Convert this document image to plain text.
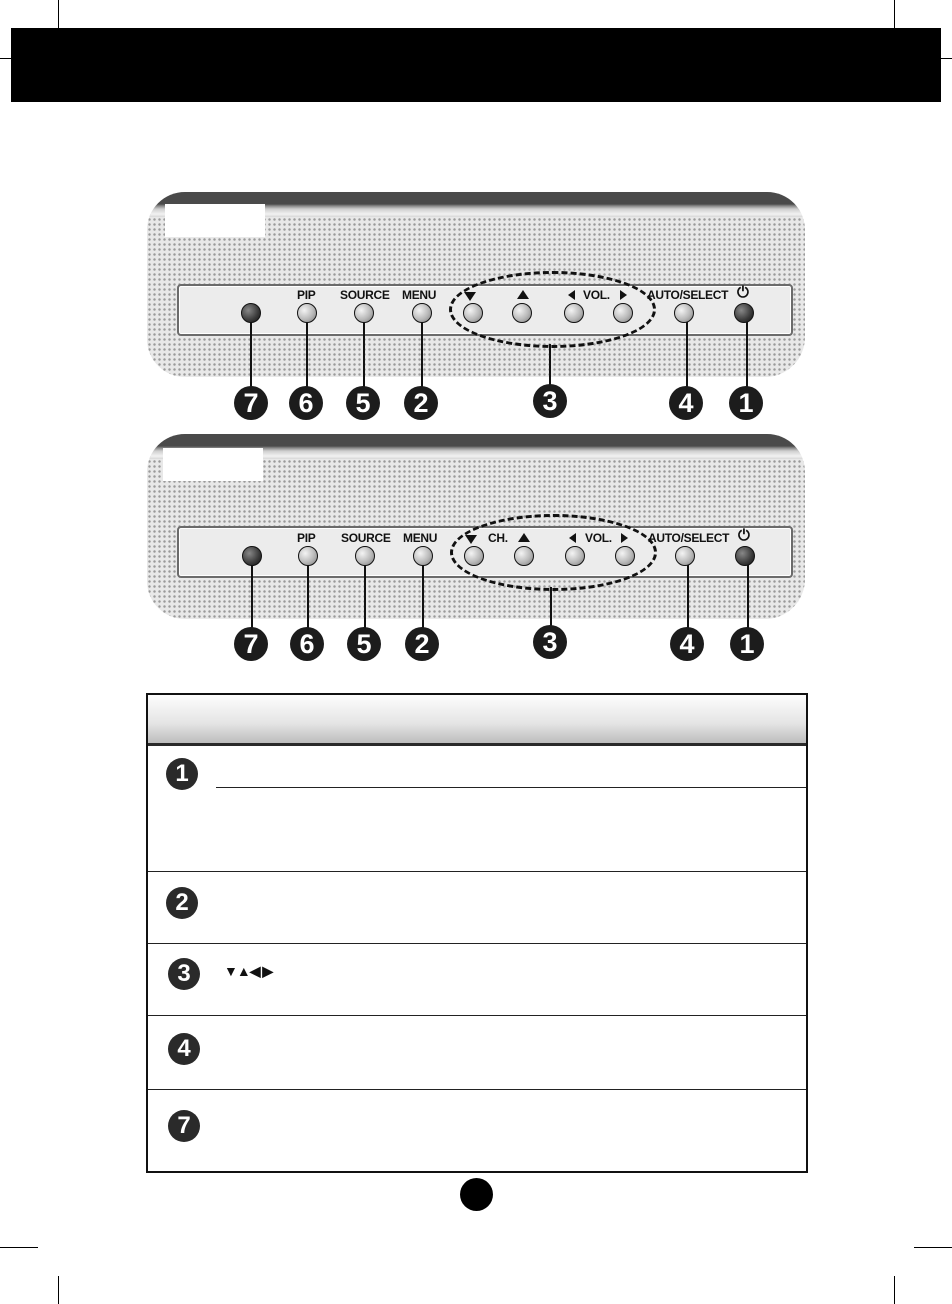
PIP SOURCE MENU	VOL.	AUTO/SELECT ⏻
7	6	5	2	3	4	1
PIP SOURCE MENU	CH.	VOL.	AUTO/SELECT ⏻
7	6	5	2	3	4	1
1
2
3	▼▲◀ ▶
4
7
